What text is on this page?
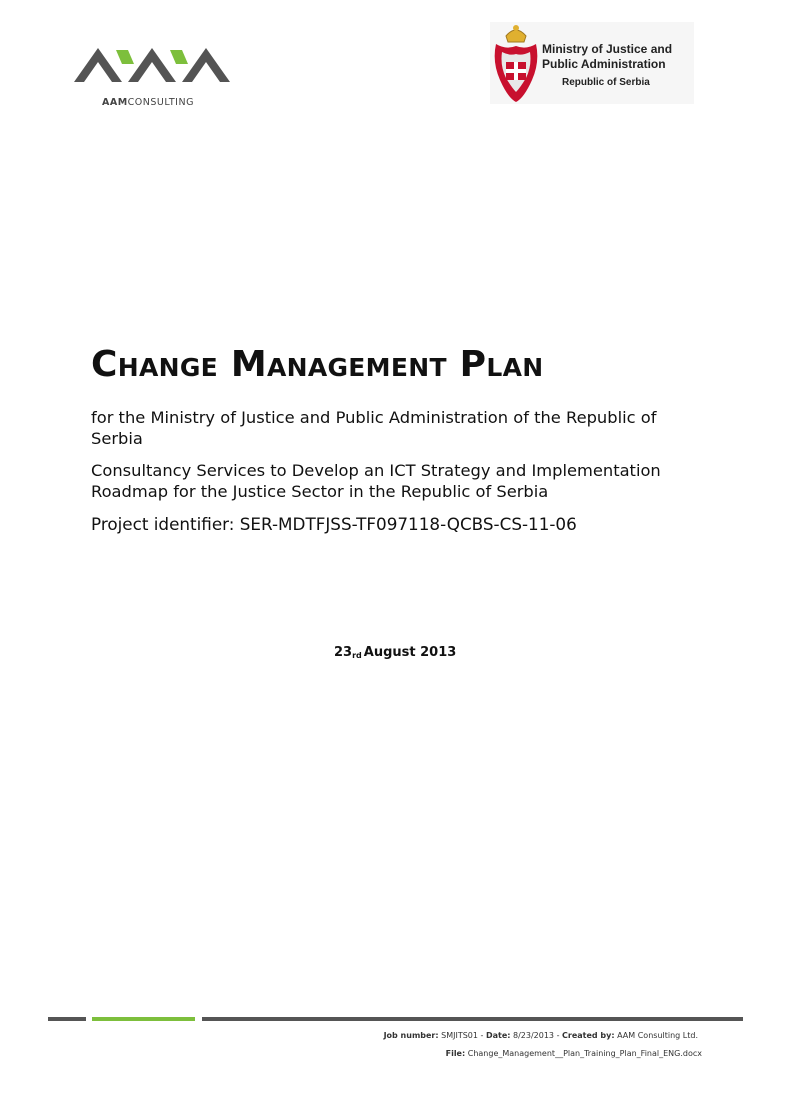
AAMCONSULTING
Ministry of Justice and
Public Administration
Republic of Serbia
Change Management Plan

for the Ministry of Justice and Public Administration of the Republic of Serbia

Consultancy Services to Develop an ICT Strategy and Implementation Roadmap for the Justice Sector in the Republic of Serbia

Project identifier: SER-MDTFJSS-TF097118-QCBS-CS-11-06

23rd August 2013
Job number: SMJITS01 - Date: 8/23/2013 - Created by: AAM Consulting Ltd.
File: Change_Management__Plan_Training_Plan_Final_ENG.docx
